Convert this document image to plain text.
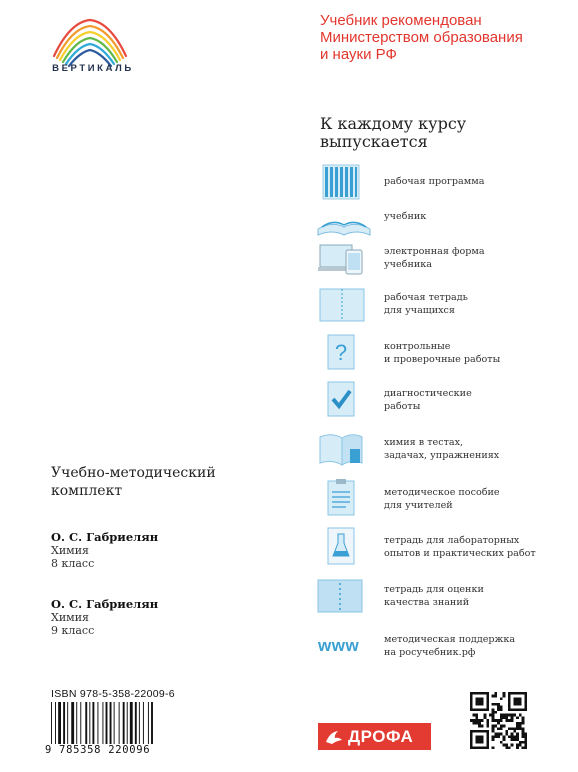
ВЕРТИКАЛЬ
Учебник рекомендован
Министерством образования
и науки РФ
К каждому курсу
выпускается
рабочая программа
учебник
электронная форма
учебника
рабочая тетрадь
для учащихся
?	контрольные
и проверочные работы
диагностические
работы
химия в тестах,
задачах, упражнениях
методическое пособие
для учителей
тетрадь для лабораторных
опытов и практических работ
тетрадь для оценки
качества знаний
www	методическая поддержка
на росучебник.рф
Учебно-методический
комплект
О. С. Габриелян
Химия
8 класс
О. С. Габриелян
Химия
9 класс
ISBN 978-5-358-22009-6
9 785358 220096
ДРОФА
